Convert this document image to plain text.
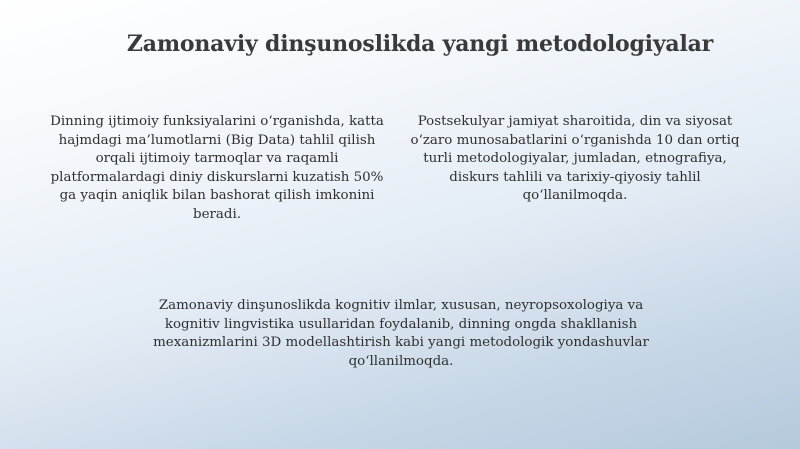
Zamonaviy dinşunoslikda yangi metodologiyalar

Dinning ijtimoiy funksiyalarini o‘rganishda, katta hajmdagi ma’lumotlarni (Big Data) tahlil qilish orqali ijtimoiy tarmoqlar va raqamli platformalardagi diniy diskurslarni kuzatish 50% ga yaqin aniqlik bilan bashorat qilish imkonini beradi.

Postsekulyar jamiyat sharoitida, din va siyosat o‘zaro munosabatlarini o‘rganishda 10 dan ortiq turli metodologiyalar, jumladan, etnografiya, diskurs tahlili va tarixiy-qiyosiy tahlil qo‘llanilmoqda.

Zamonaviy dinşunoslikda kognitiv ilmlar, xususan, neyropsoxologiya va kognitiv lingvistika usullaridan foydalanib, dinning ongda shakllanish mexanizmlarini 3D modellashtirish kabi yangi metodologik yondashuvlar qo‘llanilmoqda.
